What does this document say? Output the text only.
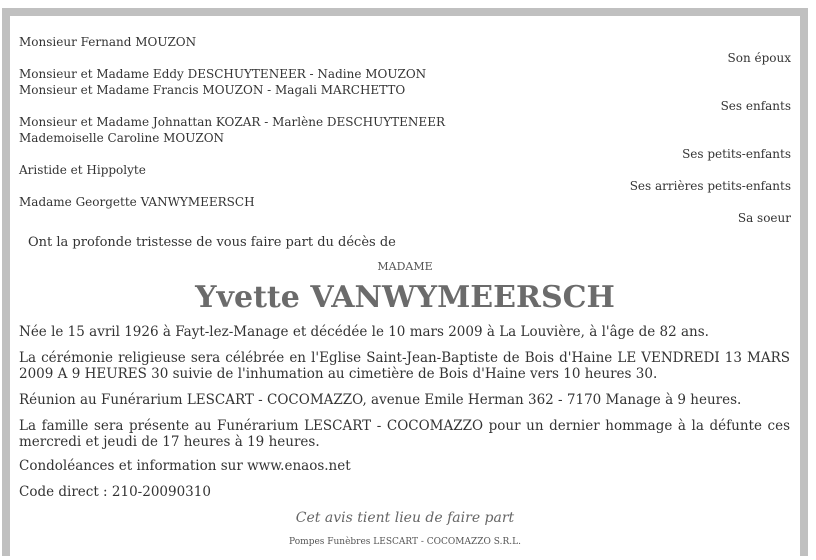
Monsieur Fernand MOUZON
Son époux
Monsieur et Madame Eddy DESCHUYTENEER - Nadine MOUZON
Monsieur et Madame Francis MOUZON - Magali MARCHETTO
Ses enfants
Monsieur et Madame Johnattan KOZAR - Marlène DESCHUYTENEER
Mademoiselle Caroline MOUZON
Ses petits-enfants
Aristide et Hippolyte
Ses arrières petits-enfants
Madame Georgette VANWYMEERSCH
Sa soeur
Ont la profonde tristesse de vous faire part du décès de
MADAME
Yvette VANWYMEERSCH
Née le 15 avril 1926 à Fayt-lez-Manage et décédée le 10 mars 2009 à La Louvière, à l'âge de 82 ans.
La cérémonie religieuse sera célébrée en l'Eglise Saint-Jean-Baptiste de Bois d'Haine LE VENDREDI 13 MARS 2009 A 9 HEURES 30 suivie de l'inhumation au cimetière de Bois d'Haine vers 10 heures 30.
Réunion au Funérarium LESCART - COCOMAZZO, avenue Emile Herman 362 - 7170 Manage à 9 heures.
La famille sera présente au Funérarium LESCART - COCOMAZZO pour un dernier hommage à la défunte ces mercredi et jeudi de 17 heures à 19 heures.
Condoléances et information sur www.enaos.net
Code direct : 210-20090310
Cet avis tient lieu de faire part
Pompes Funèbres LESCART - COCOMAZZO S.R.L.
